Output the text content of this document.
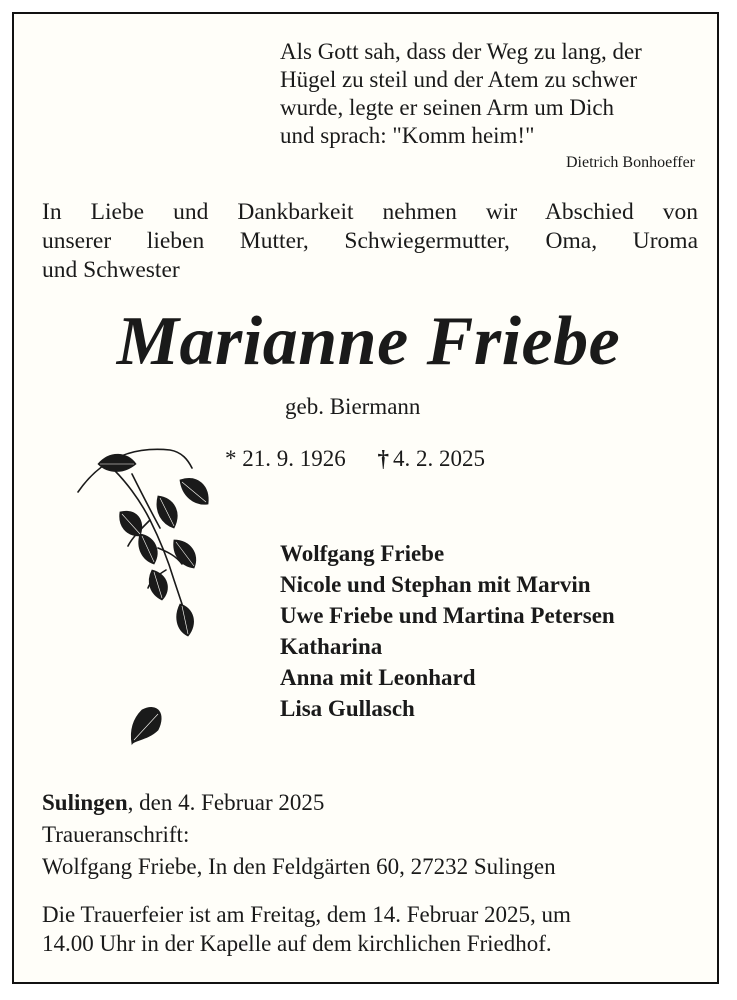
Als Gott sah, dass der Weg zu lang, der
Hügel zu steil und der Atem zu schwer
wurde, legte er seinen Arm um Dich
und sprach: "Komm heim!"
Dietrich Bonhoeffer
In Liebe und Dankbarkeit nehmen wir Abschied von
unserer lieben Mutter, Schwiegermutter, Oma, Uroma
und Schwester
Marianne Friebe
geb. Biermann
* 21. 9. 1926 † 4. 2. 2025
Wolfgang Friebe
Nicole und Stephan mit Marvin
Uwe Friebe und Martina Petersen
Katharina
Anna mit Leonhard
Lisa Gullasch
Sulingen, den 4. Februar 2025
Traueranschrift:
Wolfgang Friebe, In den Feldgärten 60, 27232 Sulingen
Die Trauerfeier ist am Freitag, dem 14. Februar 2025, um
14.00 Uhr in der Kapelle auf dem kirchlichen Friedhof.
